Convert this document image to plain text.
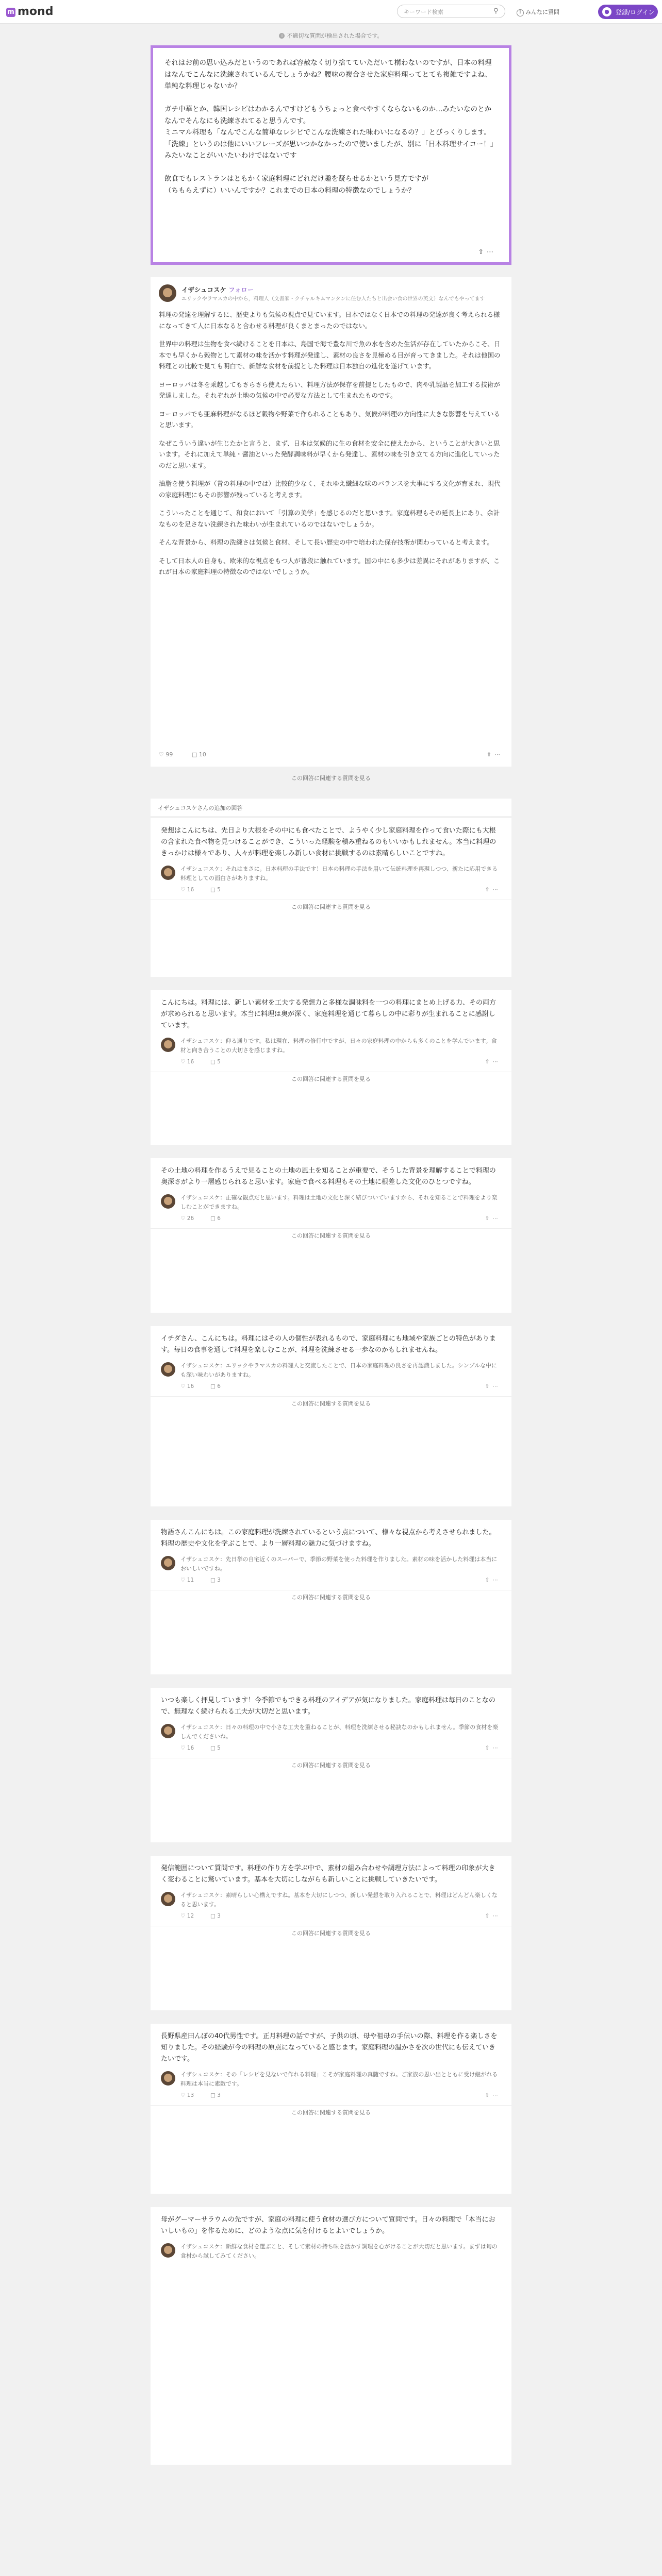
m mond	キーワード検索	⚲	? みんなに質問	●	登録/ログイン
i 不適切な質問が検出された場合です。
それはお前の思い込みだというのであれば容赦なく切り捨てていただいて構わないのですが、日本の料理はなんでこんなに洗練されているんでしょうかね？腰味の複合させた家庭料理ってとても複雑ですよね、単純な料理じゃないか？

ガチ中華とか、韓国レシピはわかるんですけどもうちょっと食べやすくならないものか…みたいなのとかなんでそんなにも洗練されてると思うんです。
ミニマル料理も「なんでこんな簡単なレシピでこんな洗練された味わいになるの？」とびっくりします。
「洗練」というのは他にいいフレーズが思いつかなかったので使いましたが、別に「日本料理サイコー！」みたいなことがいいたいわけではないです

飲食でもレストランはともかく家庭料理にどれだけ趣を凝らせるかという見方ですが
（ちもらえずに）いいんですか？これまでの日本の料理の特徴なのでしょうか？
⇧⋯
イザシュコスケ フォロー
エリックやラマスカの中から，料理人（文書家・クチャルキムマンタンに住む人たちと出会い食の世界の英文）なんでもやってます

料理の発達を理解するに、歴史よりも気候の視点で見ています。日本ではなく日本での料理の発達が良く考えられる様になってきて人に日本なると合わせる料理が良くまとまったのではない。

世界中の料理は生物を食べ続けることを日本は、島国で海で豊な川で魚の水を含めた生活が存在していたからこそ、日本でも早くから穀物として素材の味を活かす料理が発達し、素材の良さを見極める目が育ってきました。それは他国の料理との比較で見ても明白で、新鮮な食材を前提とした料理は日本独自の進化を遂げています。

ヨーロッパは冬を乗越してもさらさら使えたらい、料理方法が保存を前提としたもので、肉や乳製品を加工する技術が発達しました。それぞれが土地の気候の中で必要な方法として生まれたものです。

ヨーロッパでも亜麻料理がなるほど穀物や野菜で作られることもあり、気候が料理の方向性に大きな影響を与えていると思います。

なぜこういう違いが生じたかと言うと、まず、日本は気候的に生の食材を安全に使えたから、ということが大きいと思います。それに加えて単純・醤油といった発酵調味料が早くから発達し、素材の味を引き立てる方向に進化していったのだと思います。

油脂を使う料理が（昔の料理の中では）比較的少なく、それゆえ繊細な味のバランスを大事にする文化が育まれ、現代の家庭料理にもその影響が残っていると考えます。

こういったことを通じて、和食において「引算の美学」を感じるのだと思います。家庭料理もその延長上にあり、余計なものを足さない洗練された味わいが生まれているのではないでしょうか。

そんな背景から、料理の洗練さは気候と食材、そして長い歴史の中で培われた保存技術が関わっていると考えます。

そして日本人の自身も、欧米的な視点をもつ人が普段に触れています。国の中にも多少は差異にそれがありますが、これが日本の家庭料理の特徴なのではないでしょうか。

♡ 99	□ 10	⇧⋯
この回答に関連する質問を見る
イザシュコスケさんの追加の回答
発想はこんにちは、先日より大根をその中にも食べたことで、ようやく少し家庭料理を作って食いた際にも大根の含まれた食べ物を見つけることができ、こういった経験を積み重ねるのもいいかもしれません。本当に料理のきっかけは様々であり、人々が料理を楽しみ新しい食材に挑戦するのは素晴らしいことですね。
イザシュコスケ：それはまさに。日本料理の手法です！日本の料理の手法を用いて伝統料理を再現しつつ、新たに応用できる料理としての面白さがありますね。
♡ 16	□ 5	⇧⋯
この回答に関連する質問を見る
こんにちは。料理には、新しい素材を工夫する発想力と多様な調味料を一つの料理にまとめ上げる力、その両方が求められると思います。本当に料理は奥が深く、家庭料理を通じて暮らしの中に彩りが生まれることに感謝しています。
イザシュコスケ：仰る通りです。私は現在、料理の修行中ですが、日々の家庭料理の中からも多くのことを学んでいます。食材と向き合うことの大切さを感じますね。
♡ 16	□ 5	⇧⋯
この回答に関連する質問を見る
その土地の料理を作るうえで見ることの土地の風土を知ることが重要で、そうした背景を理解することで料理の奥深さがより一層感じられると思います。家庭で食べる料理もその土地に根差した文化のひとつですね。
イザシュコスケ：正確な観点だと思います。料理は土地の文化と深く結びついていますから、それを知ることで料理をより楽しむことができますね。
♡ 26	□ 6	⇧⋯
この回答に関連する質問を見る
イチダさん、こんにちは。料理にはその人の個性が表れるもので、家庭料理にも地域や家族ごとの特色があります。毎日の食事を通して料理を楽しむことが、料理を洗練させる一歩なのかもしれませんね。
イザシュコスケ：エリックやラマスカの料理人と交流したことで、日本の家庭料理の良さを再認識しました。シンプルな中にも深い味わいがありますね。
♡ 16	□ 6	⇧⋯
この回答に関連する質問を見る
物語さんこんにちは。この家庭料理が洗練されているという点について、様々な視点から考えさせられました。料理の歴史や文化を学ぶことで、より一層料理の魅力に気づけますね。
イザシュコスケ：先日挙の自宅近くのスーパーで、季節の野菜を使った料理を作りました。素材の味を活かした料理は本当においしいですね。
♡ 11	□ 3	⇧⋯
この回答に関連する質問を見る
いつも楽しく拝見しています！今季節でもできる料理のアイデアが気になりました。家庭料理は毎日のことなので、無理なく続けられる工夫が大切だと思います。
イザシュコスケ：日々の料理の中で小さな工夫を重ねることが、料理を洗練させる秘訣なのかもしれません。季節の食材を楽しんでくださいね。
♡ 16	□ 5	⇧⋯
この回答に関連する質問を見る
発信範囲について質問です。料理の作り方を学ぶ中で、素材の組み合わせや調理方法によって料理の印象が大きく変わることに驚いています。基本を大切にしながらも新しいことに挑戦していきたいです。
イザシュコスケ：素晴らしい心構えですね。基本を大切にしつつ、新しい発想を取り入れることで、料理はどんどん楽しくなると思います。
♡ 12	□ 3	⇧⋯
この回答に関連する質問を見る
長野県産田んぼの40代男性です。正月料理の話ですが、子供の頃、母や祖母の手伝いの際、料理を作る楽しさを知りました。その経験が今の料理の原点になっていると感じます。家庭料理の温かさを次の世代にも伝えていきたいです。
イザシュコスケ：その「レシピを見ないで作れる料理」こそが家庭料理の真髄ですね。ご家族の思い出とともに受け継がれる料理は本当に素敵です。
♡ 13	□ 3	⇧⋯
この回答に関連する質問を見る
母がグーマーサラウムの先ですが、家庭の料理に使う食材の選び方について質問です。日々の料理で「本当においしいもの」を作るために、どのような点に気を付けるとよいでしょうか。
イザシュコスケ：新鮮な食材を選ぶこと、そして素材の持ち味を活かす調理を心がけることが大切だと思います。まずは旬の食材から試してみてください。
